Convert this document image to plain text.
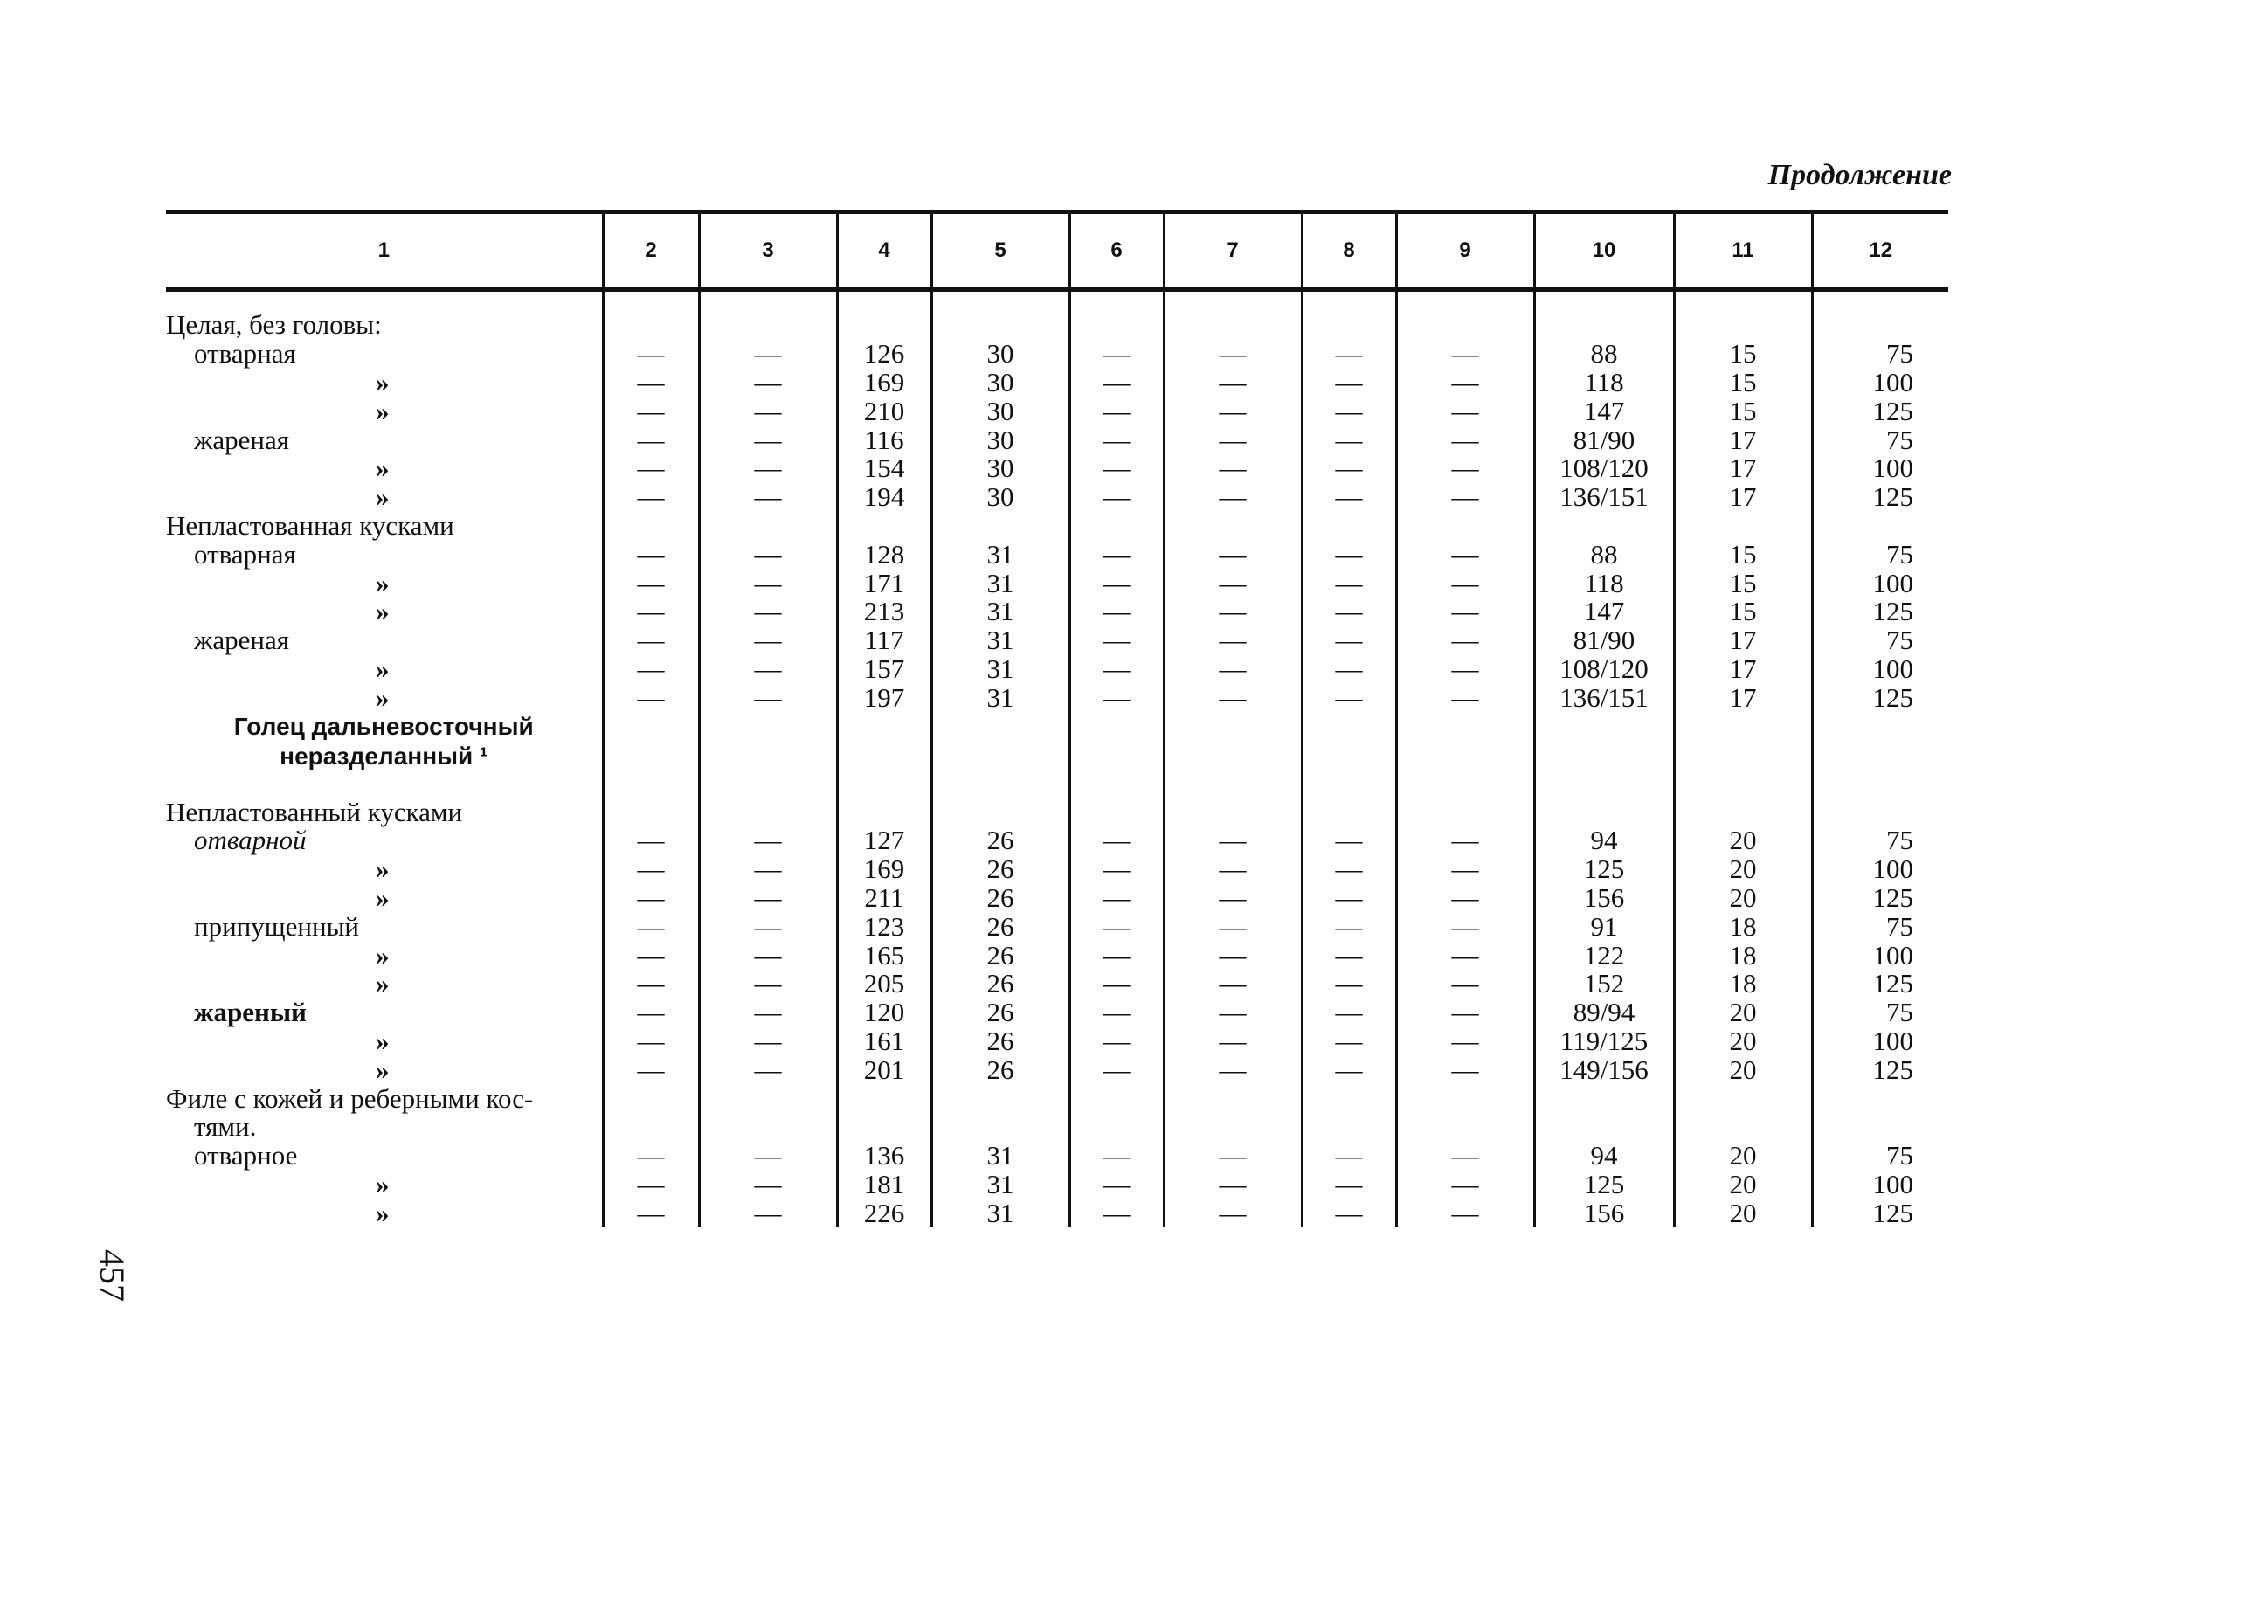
Продолжение
457
1	2	3	4	5	6	7	8	9	10	11	12

Целая, без головы:											
отварная	—	—	126	30	—	—	—	—	88	15	75
»	—	—	169	30	—	—	—	—	118	15	100
»	—	—	210	30	—	—	—	—	147	15	125
жареная	—	—	116	30	—	—	—	—	81/90	17	75
»	—	—	154	30	—	—	—	—	108/120	17	100
»	—	—	194	30	—	—	—	—	136/151	17	125
Непластованная кусками											
отварная	—	—	128	31	—	—	—	—	88	15	75
»	—	—	171	31	—	—	—	—	118	15	100
»	—	—	213	31	—	—	—	—	147	15	125
жареная	—	—	117	31	—	—	—	—	81/90	17	75
»	—	—	157	31	—	—	—	—	108/120	17	100
»	—	—	197	31	—	—	—	—	136/151	17	125
Голец дальневосточный											
неразделанный ¹											

Непластованный кусками											
отварной	—	—	127	26	—	—	—	—	94	20	75
»	—	—	169	26	—	—	—	—	125	20	100
»	—	—	211	26	—	—	—	—	156	20	125
припущенный	—	—	123	26	—	—	—	—	91	18	75
»	—	—	165	26	—	—	—	—	122	18	100
»	—	—	205	26	—	—	—	—	152	18	125
жареный	—	—	120	26	—	—	—	—	89/94	20	75
»	—	—	161	26	—	—	—	—	119/125	20	100
»	—	—	201	26	—	—	—	—	149/156	20	125
Филе с кожей и реберными кос-											
тями.											
отварное	—	—	136	31	—	—	—	—	94	20	75
»	—	—	181	31	—	—	—	—	125	20	100
»	—	—	226	31	—	—	—	—	156	20	125
